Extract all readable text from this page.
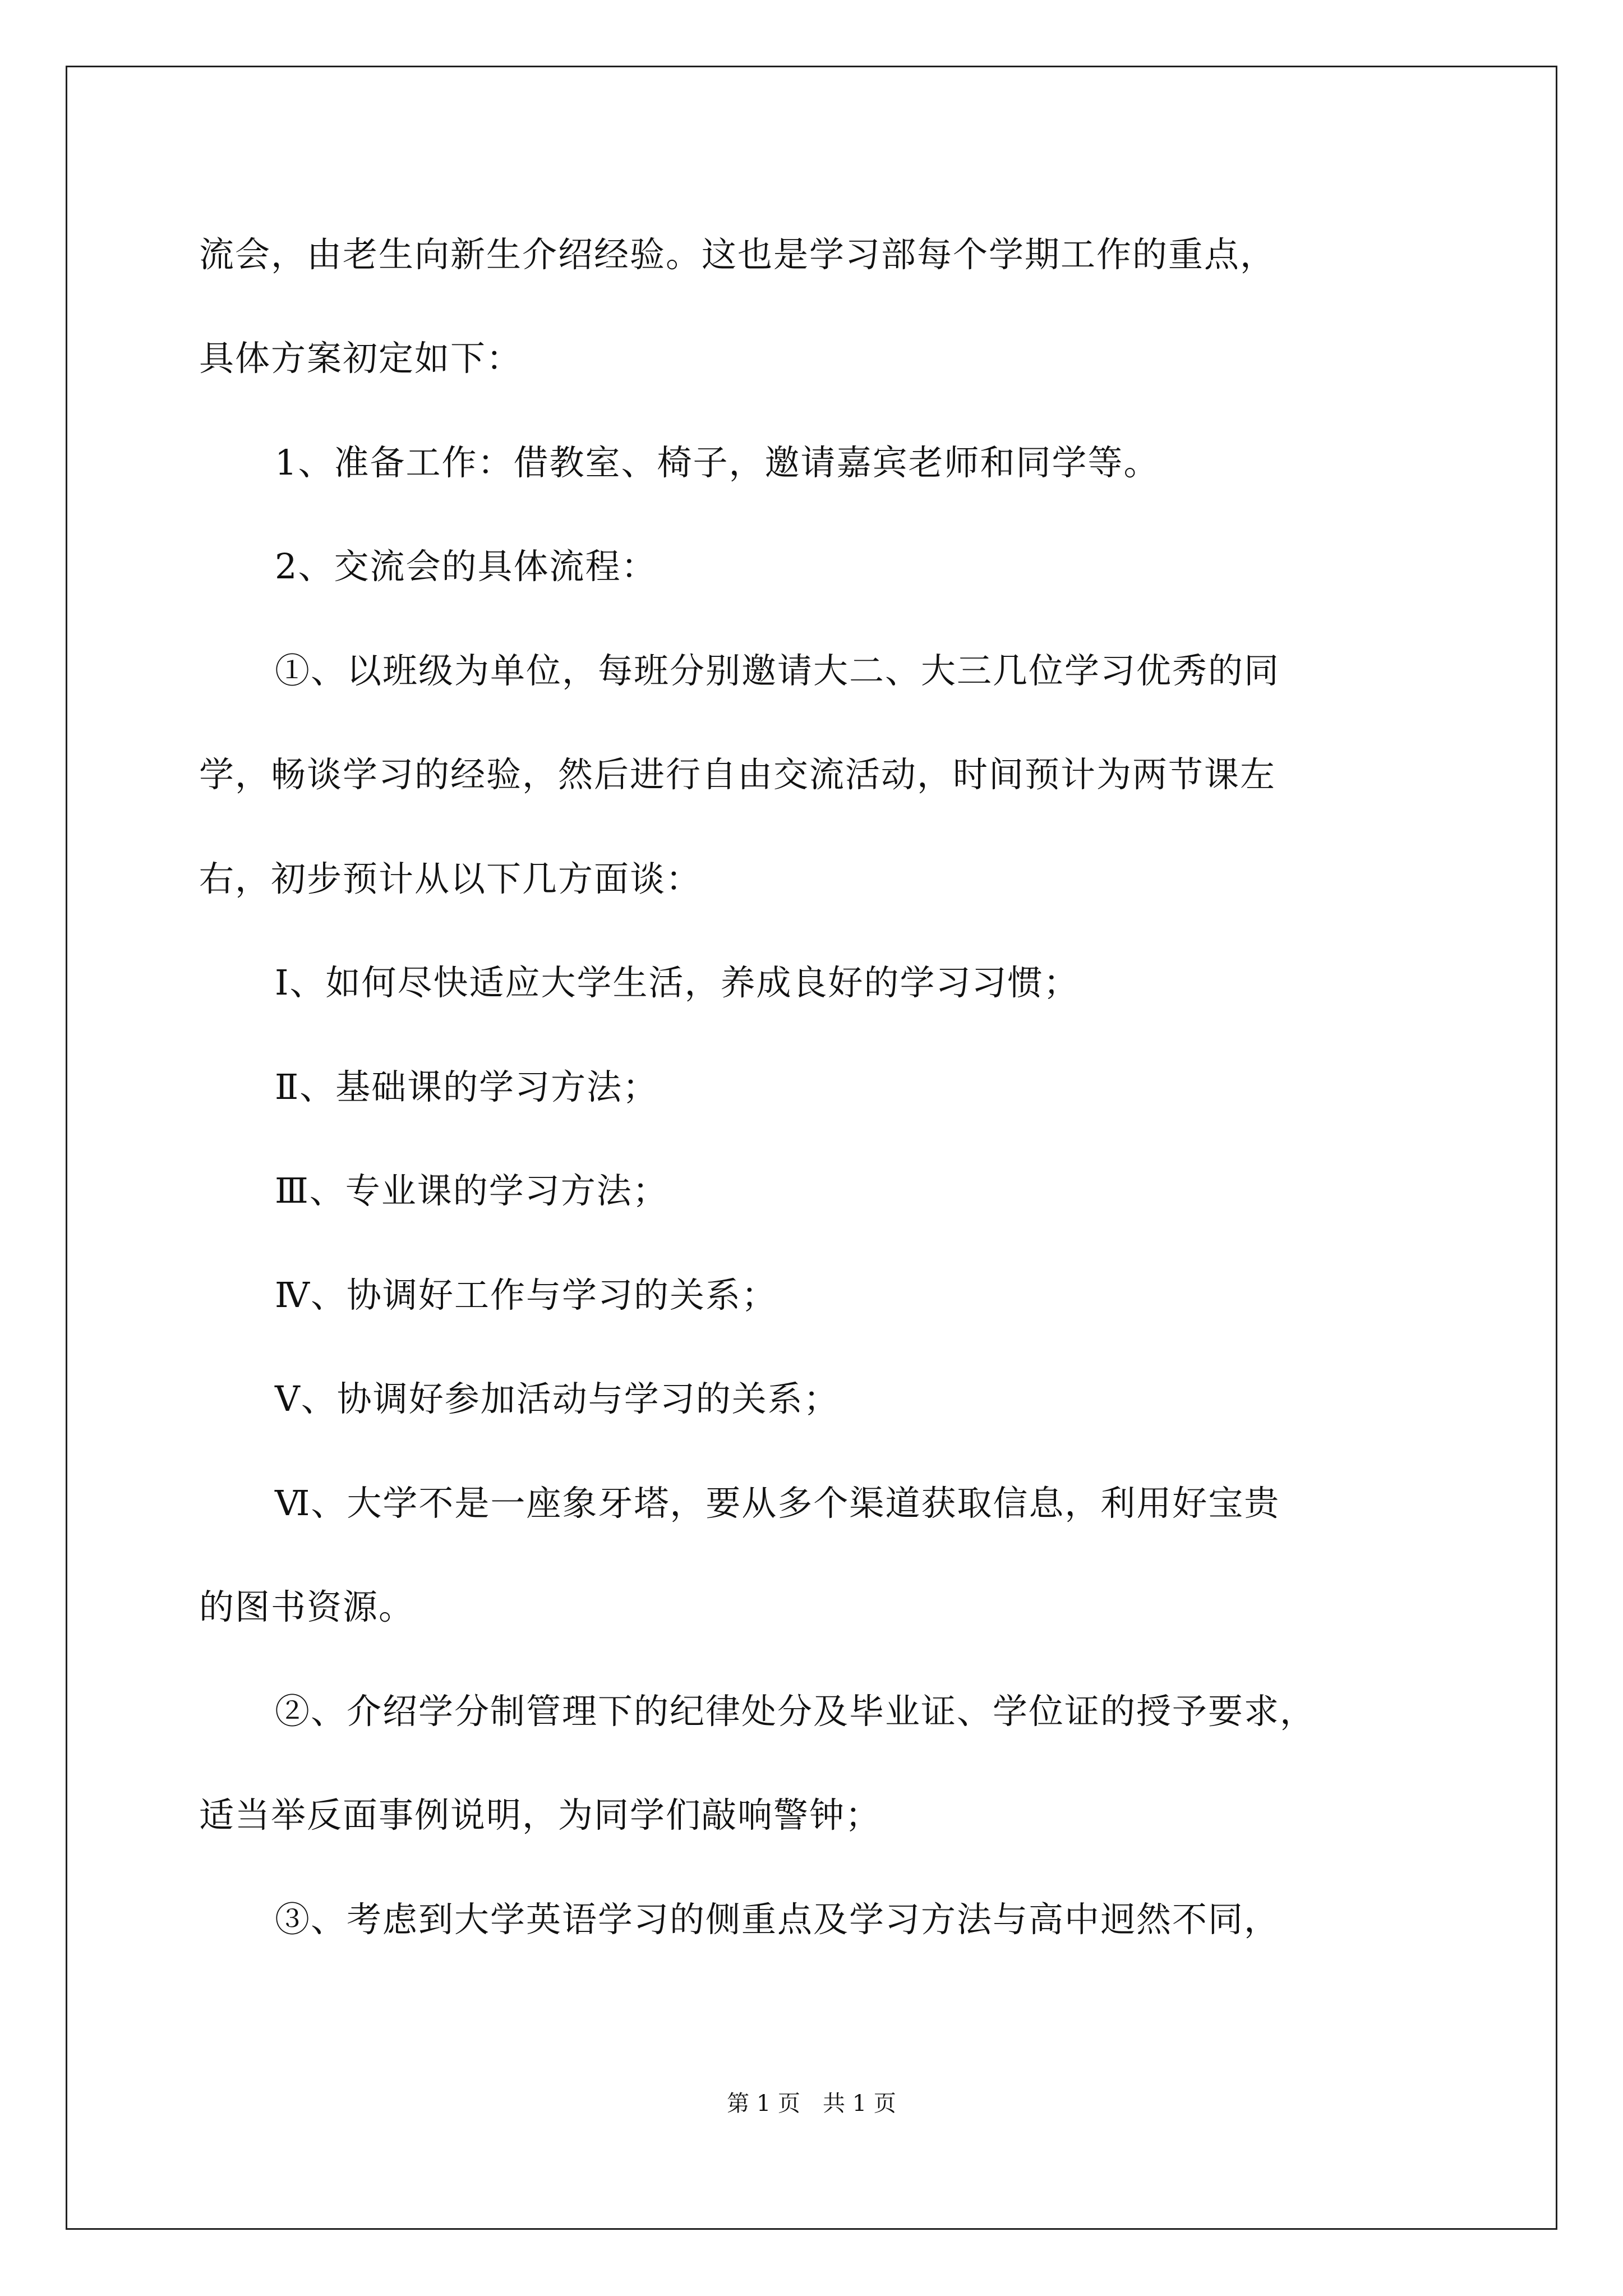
流会，由老生向新生介绍经验。这也是学习部每个学期工作的重点，
具体方案初定如下：
1、准备工作：借教室、椅子，邀请嘉宾老师和同学等。
2、交流会的具体流程：
①、以班级为单位，每班分别邀请大二、大三几位学习优秀的同
学，畅谈学习的经验，然后进行自由交流活动，时间预计为两节课左
右，初步预计从以下几方面谈：
Ⅰ、如何尽快适应大学生活，养成良好的学习习惯；
Ⅱ、基础课的学习方法；
Ⅲ、专业课的学习方法；
Ⅳ、协调好工作与学习的关系；
Ⅴ、协调好参加活动与学习的关系；
Ⅵ、大学不是一座象牙塔，要从多个渠道获取信息，利用好宝贵
的图书资源。
②、介绍学分制管理下的纪律处分及毕业证、学位证的授予要求，
适当举反面事例说明，为同学们敲响警钟；
③、考虑到大学英语学习的侧重点及学习方法与高中迥然不同，
第 1 页　共 1 页
